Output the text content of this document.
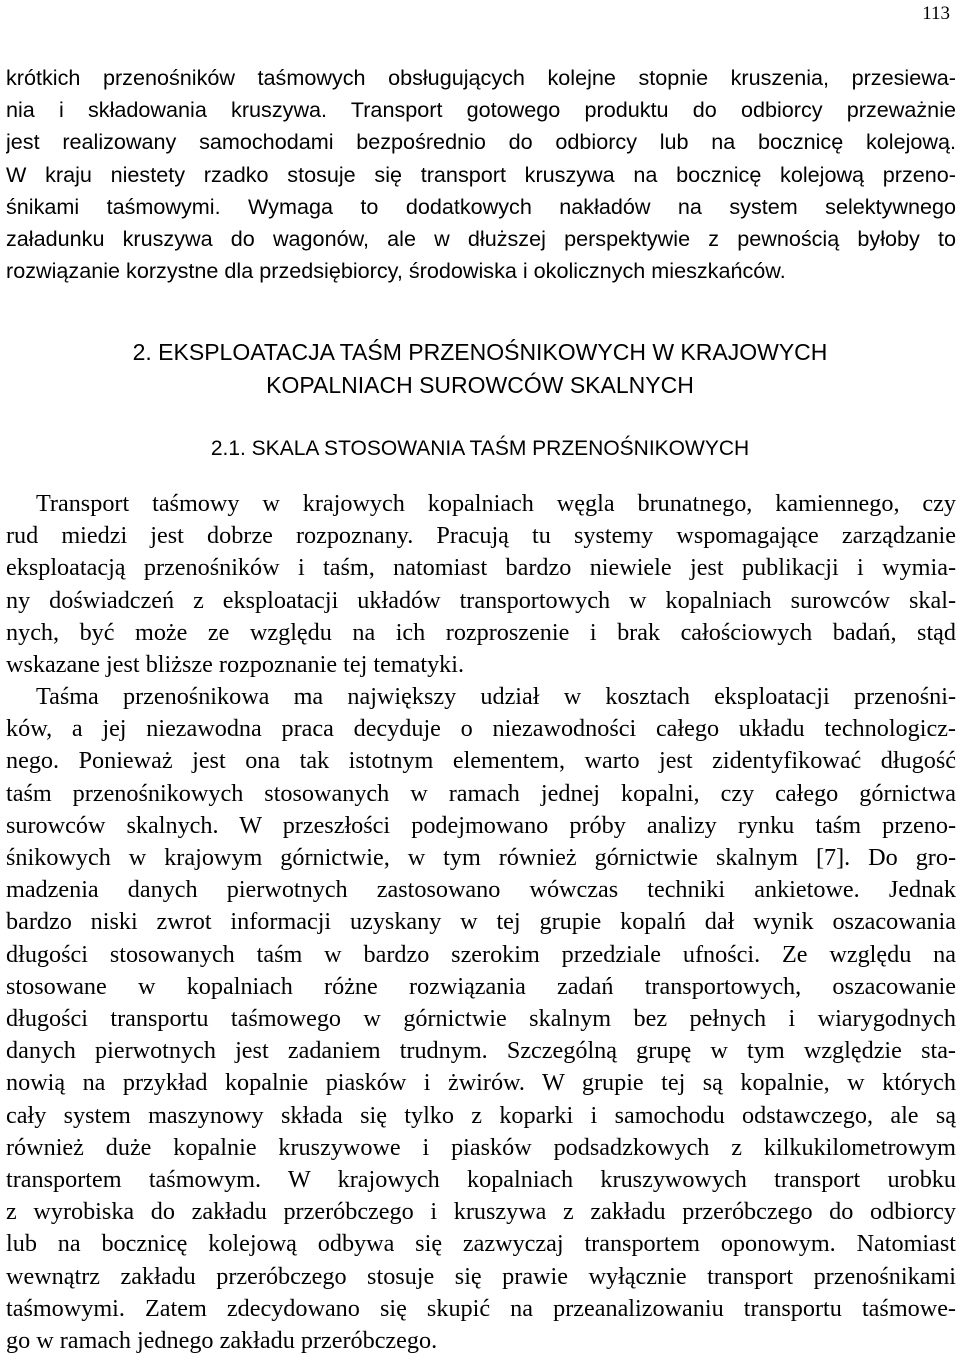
113
krótkich przenośników taśmowych obsługujących kolejne stopnie kruszenia, przesiewa-
nia i składowania kruszywa. Transport gotowego produktu do odbiorcy przeważnie
jest realizowany samochodami bezpośrednio do odbiorcy lub na bocznicę kolejową.
W kraju niestety rzadko stosuje się transport kruszywa na bocznicę kolejową przeno-
śnikami taśmowymi. Wymaga to dodatkowych nakładów na system selektywnego
załadunku kruszywa do wagonów, ale w dłuższej perspektywie z pewnością byłoby to
rozwiązanie korzystne dla przedsiębiorcy, środowiska i okolicznych mieszkańców.
2. EKSPLOATACJA TAŚM PRZENOŚNIKOWYCH W KRAJOWYCH
KOPALNIACH SUROWCÓW SKALNYCH
2.1. SKALA STOSOWANIA TAŚM PRZENOŚNIKOWYCH
Transport taśmowy w krajowych kopalniach węgla brunatnego, kamiennego, czy
rud miedzi jest dobrze rozpoznany. Pracują tu systemy wspomagające zarządzanie
eksploatacją przenośników i taśm, natomiast bardzo niewiele jest publikacji i wymia-
ny doświadczeń z eksploatacji układów transportowych w kopalniach surowców skal-
nych, być może ze względu na ich rozproszenie i brak całościowych badań, stąd
wskazane jest bliższe rozpoznanie tej tematyki.
Taśma przenośnikowa ma największy udział w kosztach eksploatacji przenośni-
ków, a jej niezawodna praca decyduje o niezawodności całego układu technologicz-
nego. Ponieważ jest ona tak istotnym elementem, warto jest zidentyfikować długość
taśm przenośnikowych stosowanych w ramach jednej kopalni, czy całego górnictwa
surowców skalnych. W przeszłości podejmowano próby analizy rynku taśm przeno-
śnikowych w krajowym górnictwie, w tym również górnictwie skalnym [7]. Do gro-
madzenia danych pierwotnych zastosowano wówczas techniki ankietowe. Jednak
bardzo niski zwrot informacji uzyskany w tej grupie kopalń dał wynik oszacowania
długości stosowanych taśm w bardzo szerokim przedziale ufności. Ze względu na
stosowane w kopalniach różne rozwiązania zadań transportowych, oszacowanie
długości transportu taśmowego w górnictwie skalnym bez pełnych i wiarygodnych
danych pierwotnych jest zadaniem trudnym. Szczególną grupę w tym względzie sta-
nowią na przykład kopalnie piasków i żwirów. W grupie tej są kopalnie, w których
cały system maszynowy składa się tylko z koparki i samochodu odstawczego, ale są
również duże kopalnie kruszywowe i piasków podsadzkowych z kilkukilometrowym
transportem taśmowym. W krajowych kopalniach kruszywowych transport urobku
z wyrobiska do zakładu przeróbczego i kruszywa z zakładu przeróbczego do odbiorcy
lub na bocznicę kolejową odbywa się zazwyczaj transportem oponowym. Natomiast
wewnątrz zakładu przeróbczego stosuje się prawie wyłącznie transport przenośnikami
taśmowymi. Zatem zdecydowano się skupić na przeanalizowaniu transportu taśmowe-
go w ramach jednego zakładu przeróbczego.
